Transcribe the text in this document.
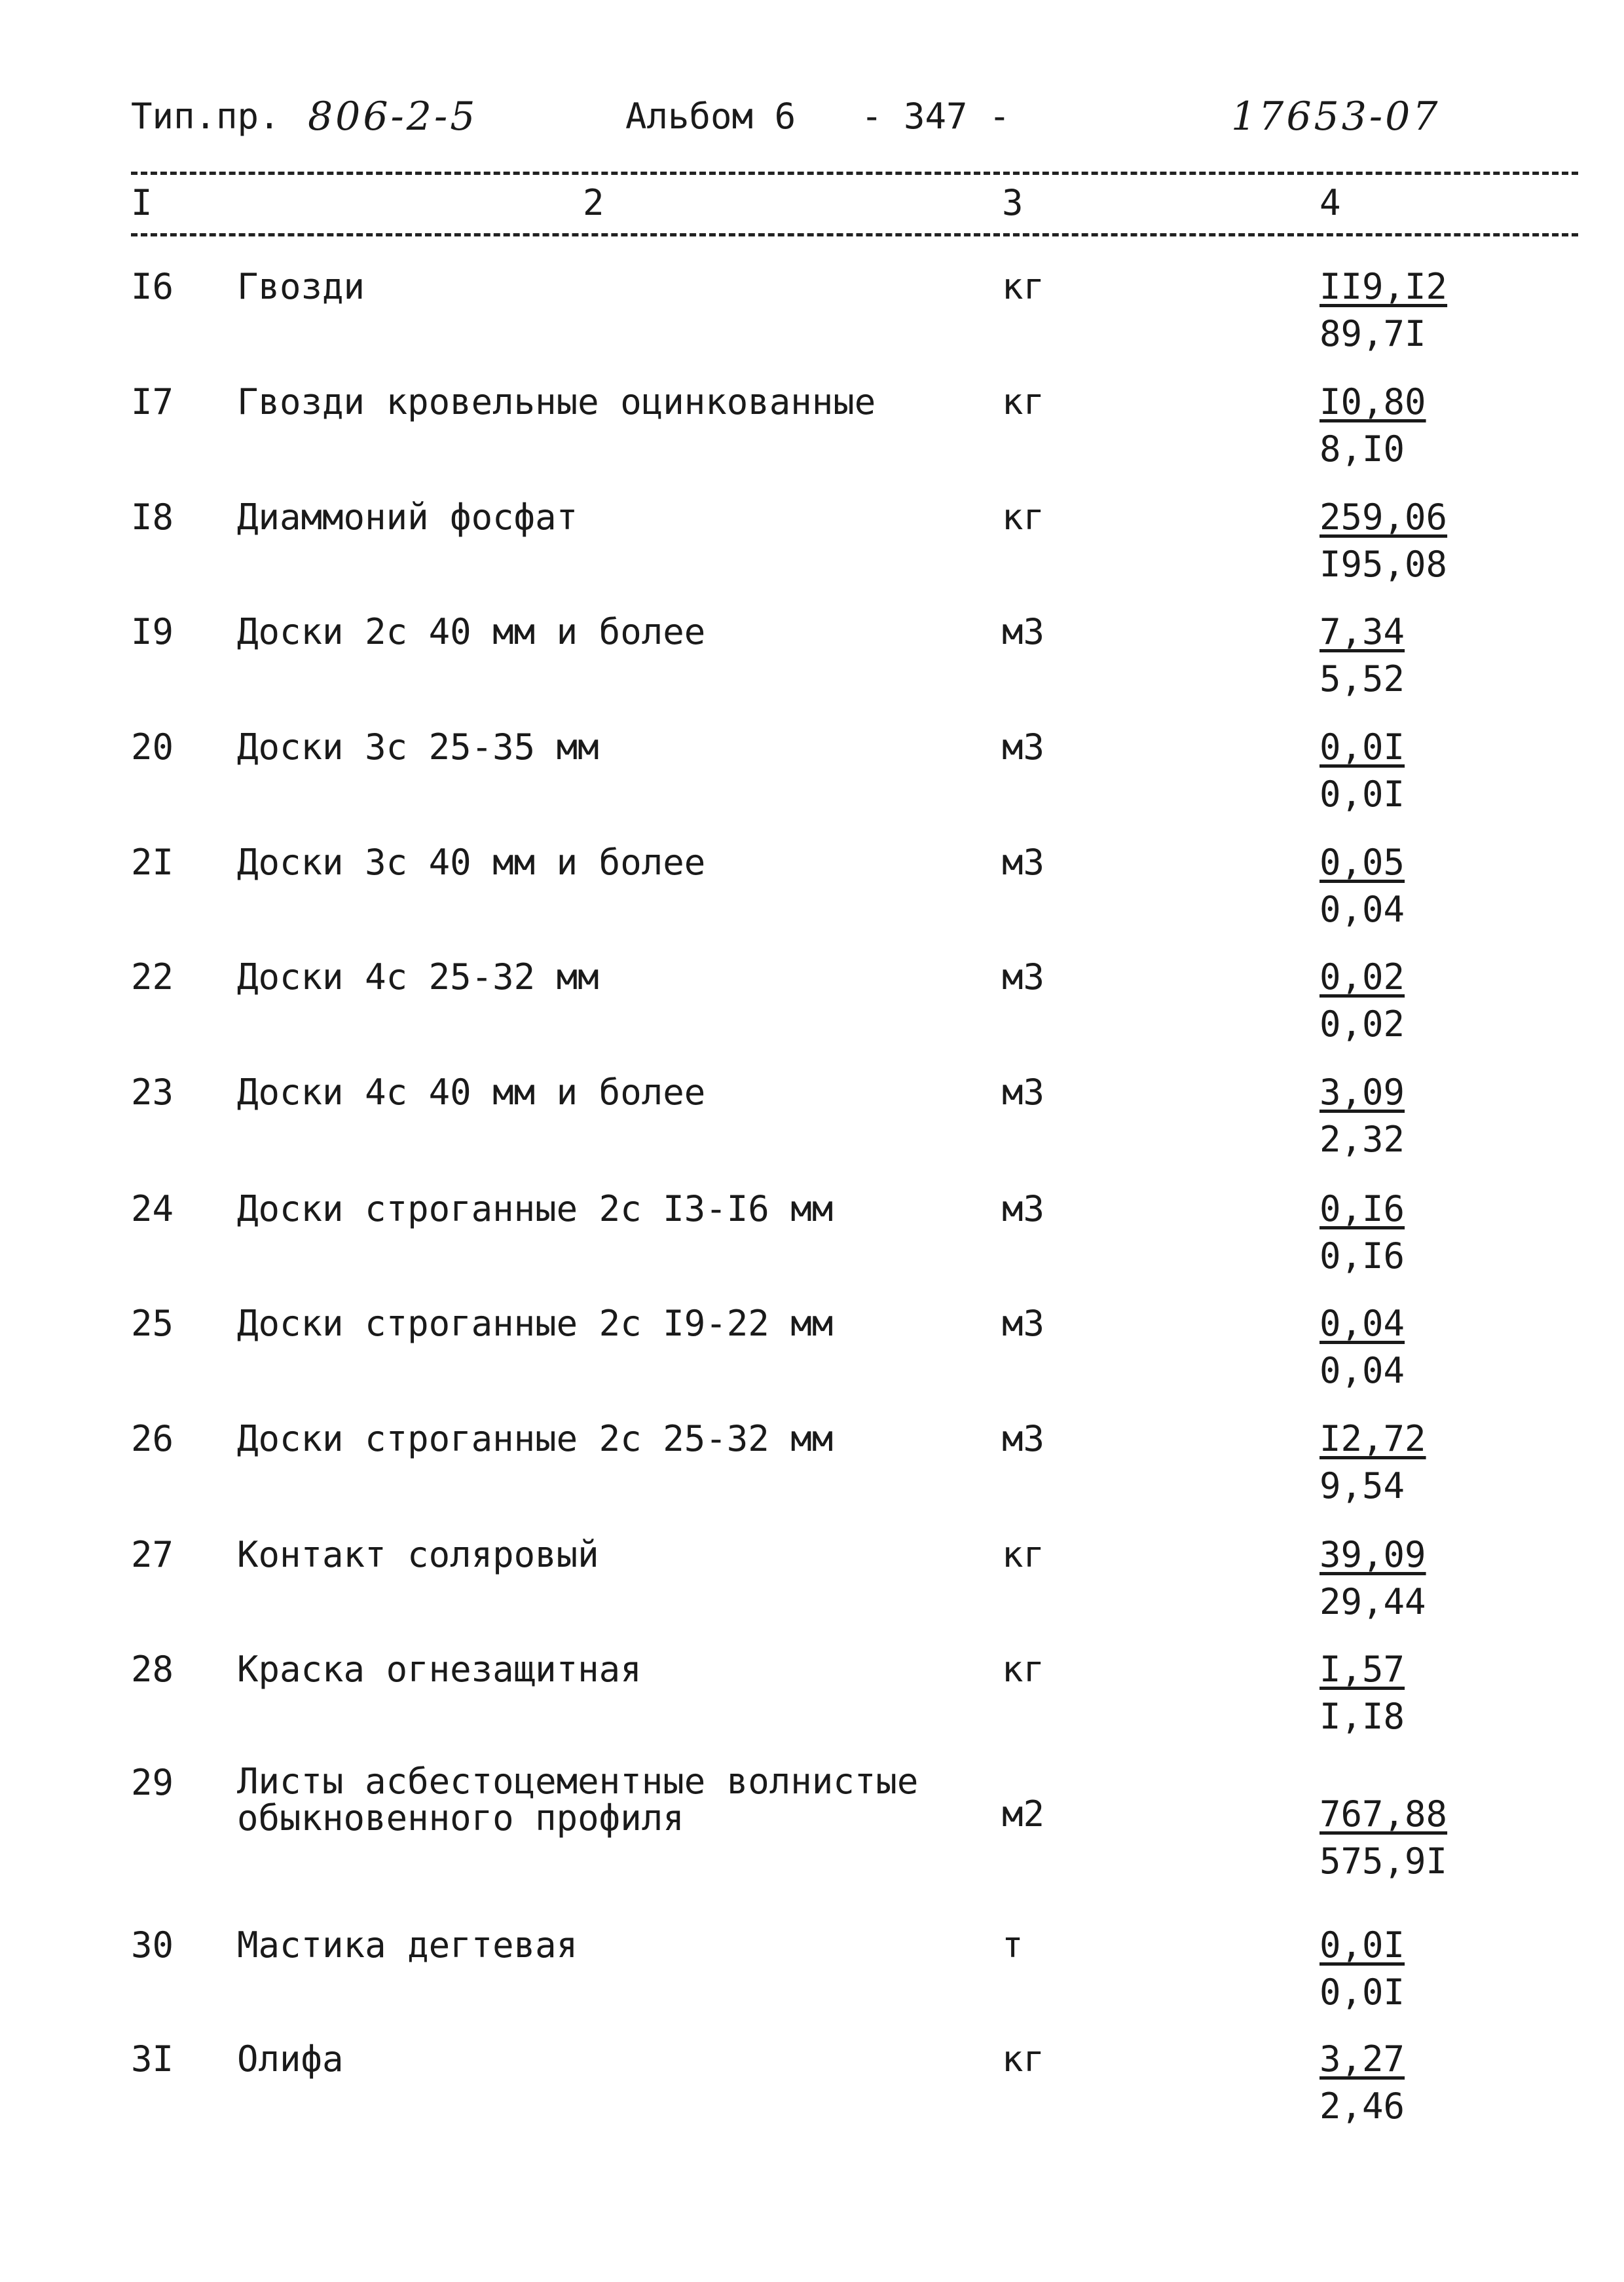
Тип.пр. 806-2-5	Альбом 6 - 347 -	17653-07
I	2	3	4
I6 Гвозди	кг	II9,I2
89,7I
I7 Гвозди кровельные оцинкованные	кг	I0,80
8,I0
I8 Диаммоний фосфат	кг	259,06
I95,08
I9 Доски 2с 40 мм и более	м3	7,34
5,52
20 Доски 3с 25-35 мм	м3	0,0I
0,0I
2I Доски 3с 40 мм и более	м3	0,05
0,04
22 Доски 4с 25-32 мм	м3	0,02
0,02
23 Доски 4с 40 мм и более	м3	3,09
2,32
24 Доски строганные 2с I3-I6 мм	м3	0,I6
0,I6
25 Доски строганные 2с I9-22 мм	м3	0,04
0,04
26 Доски строганные 2с 25-32 мм	м3	I2,72
9,54
27 Контакт соляровый	кг	39,09
29,44
28 Краска огнезащитная	кг	I,57
I,I8
29 Листы асбестоцементные волнистые
обыкновенного профиля	м2	767,88
575,9I
30 Мастика дегтевая	т	0,0I
0,0I
3I Олифа	кг	3,27
2,46
